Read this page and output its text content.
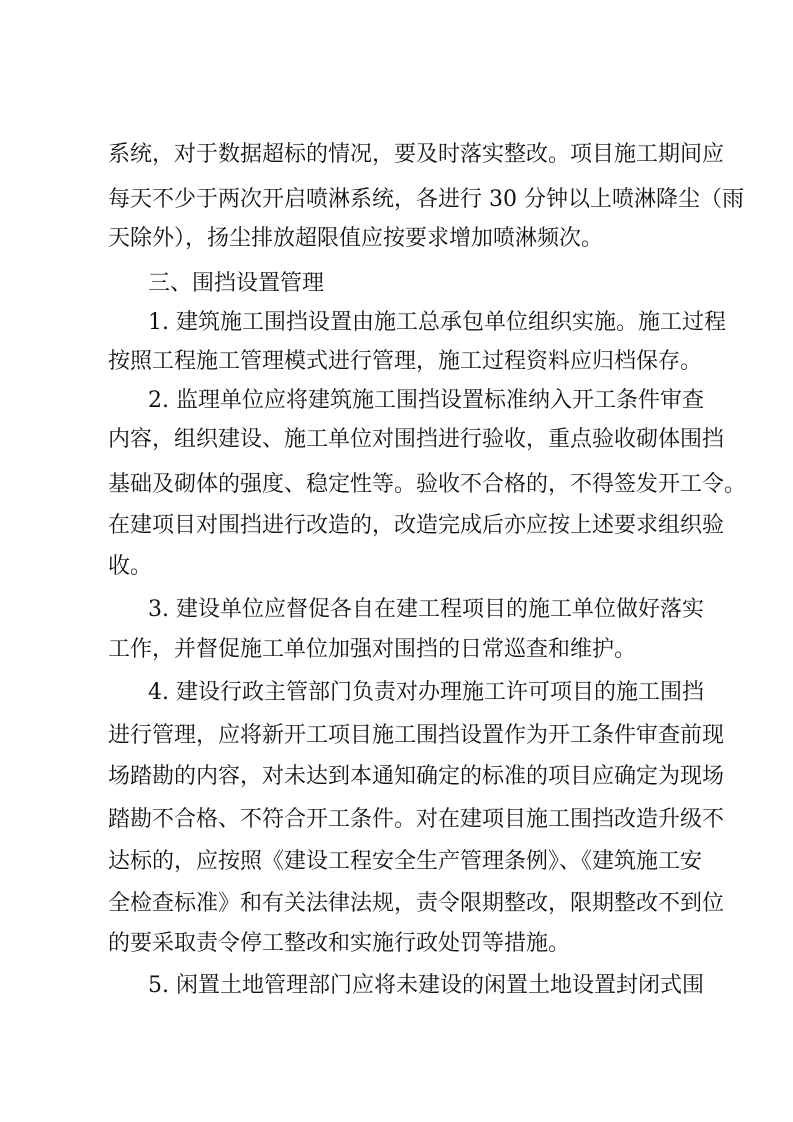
系统，对于数据超标的情况，要及时落实整改。项目施工期间应
每天不少于两次开启喷淋系统，各进行 30 分钟以上喷淋降尘（雨
天除外），扬尘排放超限值应按要求增加喷淋频次。
三、围挡设置管理
1. 建筑施工围挡设置由施工总承包单位组织实施。施工过程
按照工程施工管理模式进行管理，施工过程资料应归档保存。
2. 监理单位应将建筑施工围挡设置标准纳入开工条件审查
内容，组织建设、施工单位对围挡进行验收，重点验收砌体围挡
基础及砌体的强度、稳定性等。验收不合格的，不得签发开工令。
在建项目对围挡进行改造的，改造完成后亦应按上述要求组织验
收。
3. 建设单位应督促各自在建工程项目的施工单位做好落实
工作，并督促施工单位加强对围挡的日常巡查和维护。
4. 建设行政主管部门负责对办理施工许可项目的施工围挡
进行管理，应将新开工项目施工围挡设置作为开工条件审查前现
场踏勘的内容，对未达到本通知确定的标准的项目应确定为现场
踏勘不合格、不符合开工条件。对在建项目施工围挡改造升级不
达标的，应按照《建设工程安全生产管理条例》、《建筑施工安
全检查标准》和有关法律法规，责令限期整改，限期整改不到位
的要采取责令停工整改和实施行政处罚等措施。
5. 闲置土地管理部门应将未建设的闲置土地设置封闭式围
